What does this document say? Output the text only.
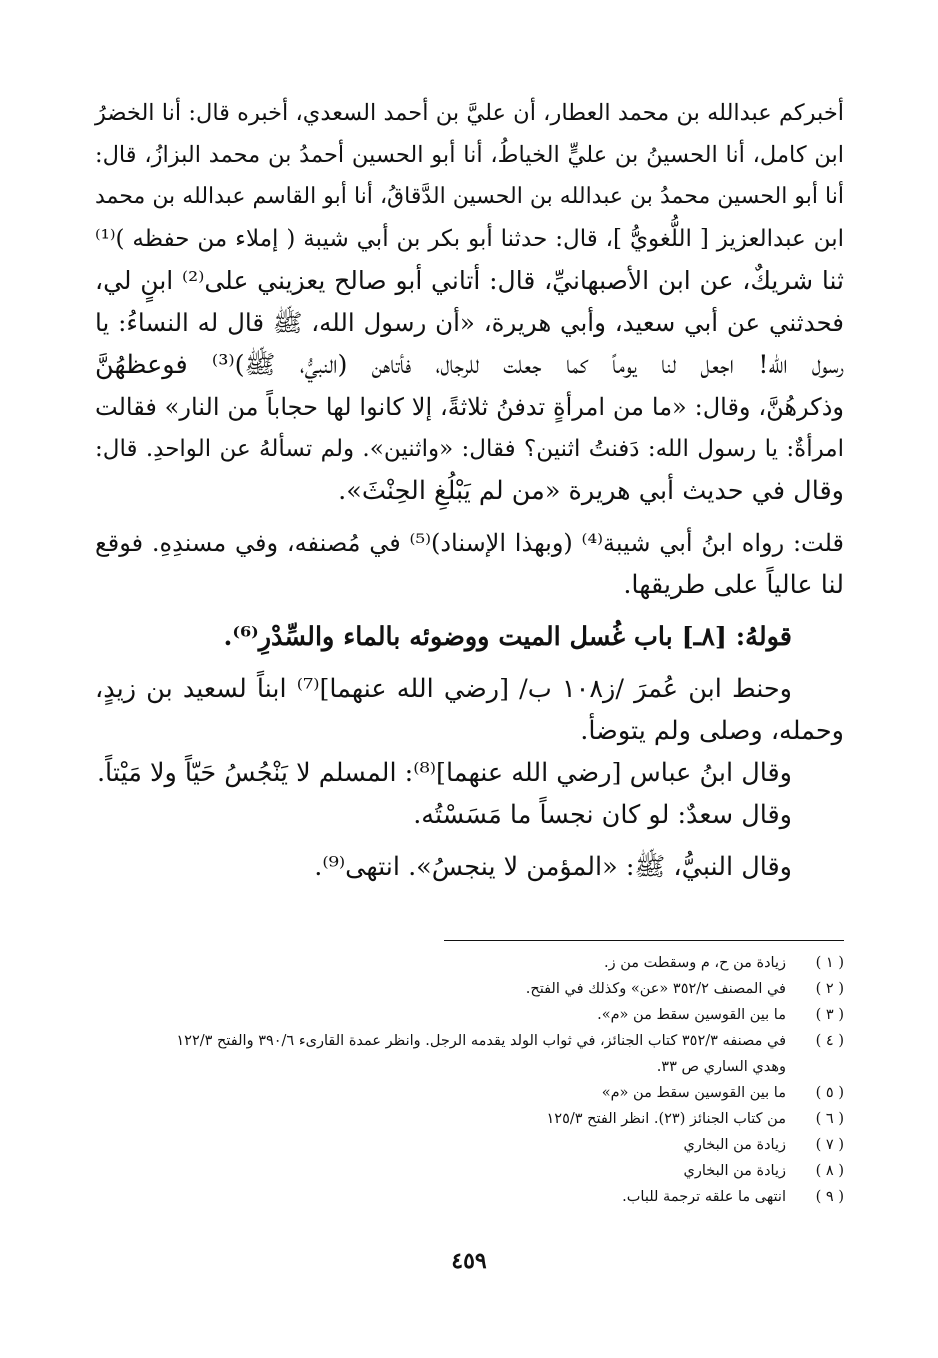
أخبركم عبدالله بن محمد العطار، أن عليَّ بن أحمد السعدي، أخبره قال: أنا الخضرُ

ابن كامل، أنا الحسينُ بن عليٍّ الخياطُ، أنا أبو الحسين أحمدُ بن محمد البزازُ، قال:

أنا أبو الحسين محمدُ بن عبدالله بن الحسين الدَّقاقُ، أنا أبو القاسم عبدالله بن محمد

ابن عبدالعزيز [ اللُّغويُّ ]، قال: حدثنا أبو بكر بن أبي شيبة ( إملاء من حفظه )⁽¹⁾

ثنا شريكٌ، عن ابن الأصبهانيِّ، قال: أتاني أبو صالح يعزيني على⁽²⁾ ابنٍ لي،

فحدثني عن أبي سعيد، وأبي هريرة، «أن رسول الله، ﷺ قال له النساءُ: يا

رسول الله! اجعل لنا يوماً كما جعلت للرجال، فأتاهن (النبيُّ، ﷺ)⁽³⁾ فوعظهُنَّ

وذكرهُنَّ، وقال: «ما من امرأةٍ تدفنُ ثلاثةً، إلا كانوا لها حجاباً من النار» فقالت

امرأةٌ: يا رسول الله: دَفنتُ اثنين؟ فقال: «واثنين». ولم تسألهُ عن الواحدِ. قال:

وقال في حديث أبي هريرة «من لم يَبْلُغِ الحِنْثَ».

قلت: رواه ابنُ أبي شيبة⁽⁴⁾ (وبهذا الإسناد)⁽⁵⁾ في مُصنفه، وفي مسندِهِ. فوقع

لنا عالياً على طريقها.

قولهُ: [٨ـ] باب غُسل الميت ووضوئه بالماء والسِّدْرِ⁽⁶⁾.

وحنط ابن عُمرَ /ز١٠٨ ب/ [رضي الله عنهما]⁽⁷⁾ ابناً لسعيد بن زيدٍ،

وحمله، وصلى ولم يتوضأ.

وقال ابنُ عباس [رضي الله عنهما]⁽⁸⁾: المسلم لا يَنْجُسُ حَيّاً ولا مَيْتاً.

وقال سعدٌ: لو كان نجساً ما مَسَسْتُه.

وقال النبيُّ، ﷺ: «المؤمن لا ينجسُ». انتهى⁽⁹⁾.

( ١ )
زيادة من ح، م وسقطت من ز.
( ٢ )
في المصنف ٣٥٢/٢ «عن» وكذلك في الفتح.
( ٣ )
ما بين القوسين سقط من «م».
( ٤ )
في مصنفه ٣٥٢/٣ كتاب الجنائز، في ثواب الولد يقدمه الرجل. وانظر عمدة القارىء ٣٩٠/٦ والفتح ١٢٢/٣
وهدي الساري ص ٣٣.
( ٥ )
ما بين القوسين سقط من «م»
( ٦ )
من كتاب الجنائز (٢٣). انظر الفتح ١٢٥/٣
( ٧ )
زيادة من البخاري
( ٨ )
زيادة من البخاري
( ٩ )
انتهى ما علقه ترجمة للباب.
٤٥٩
